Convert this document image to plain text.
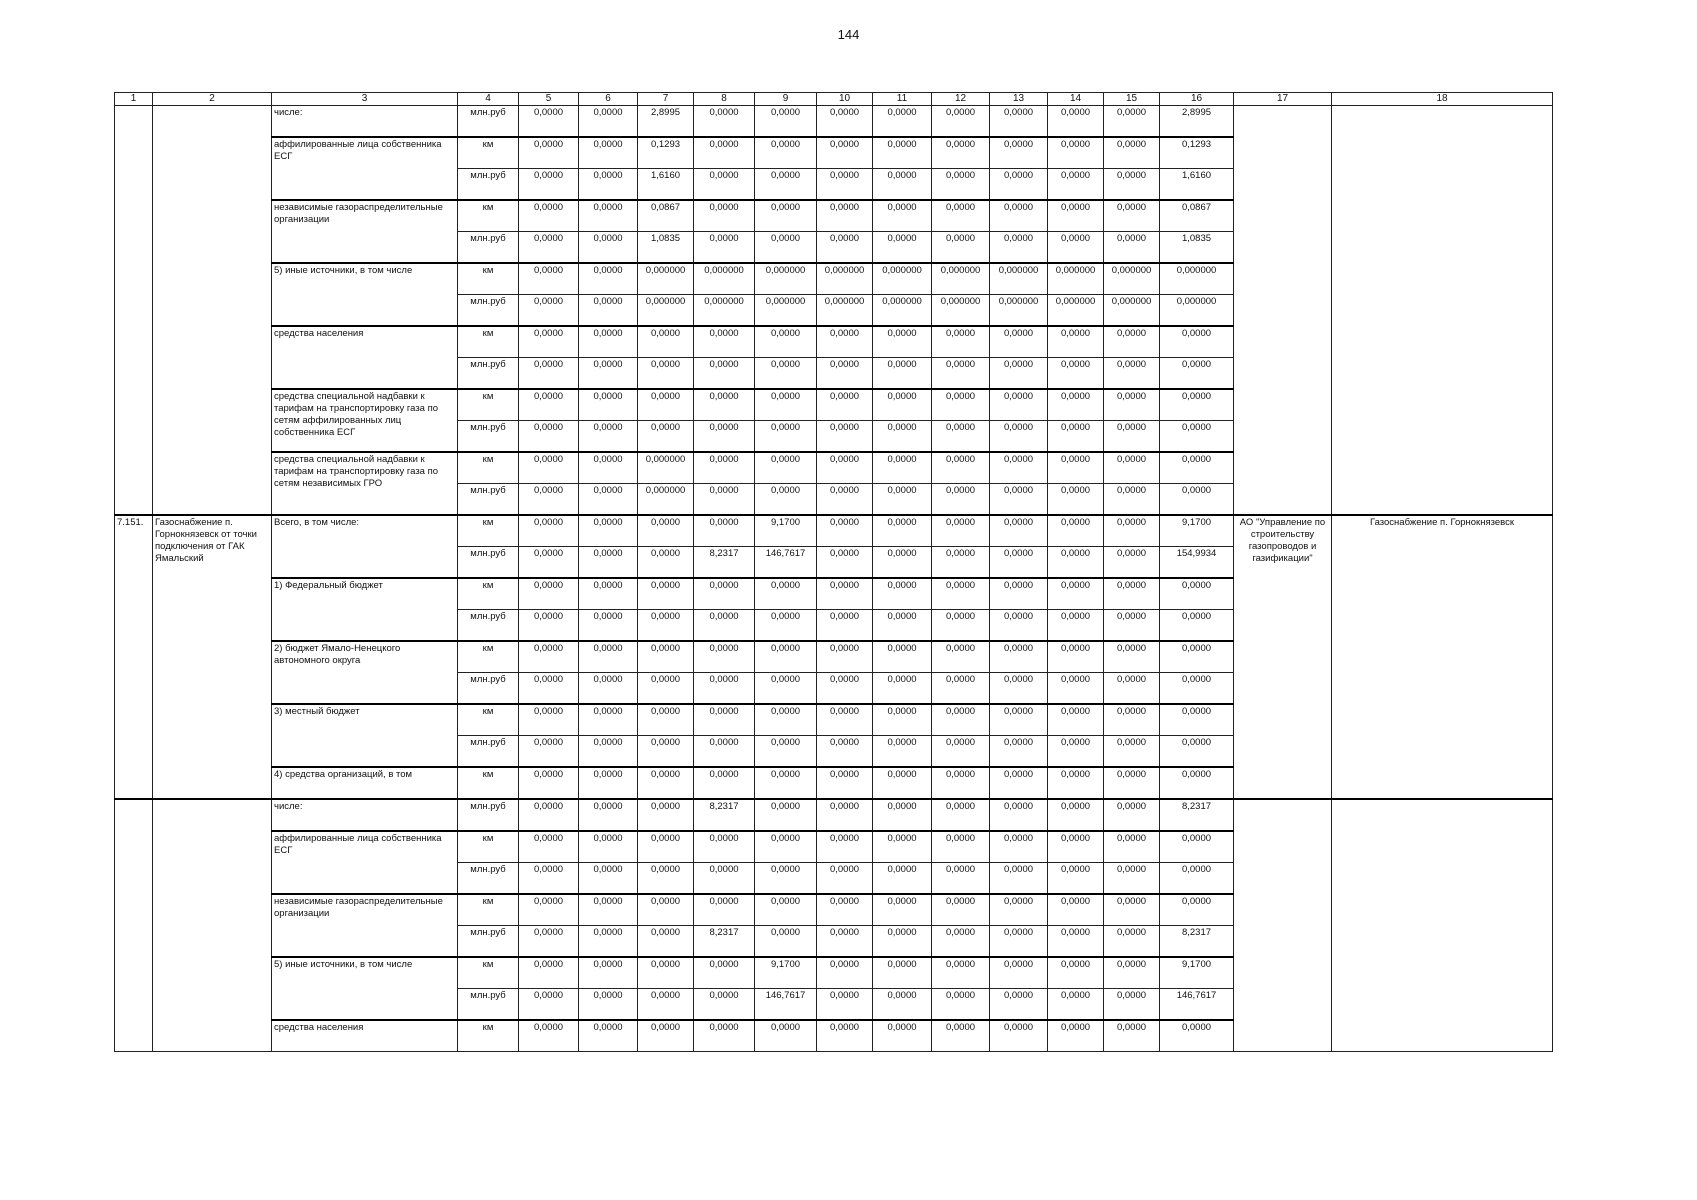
144
1	2	3	4	5	6	7	8	9	10	11	12	13	14	15	16	17	18
		числе:	млн.руб	0,0000	0,0000	2,8995	0,0000	0,0000	0,0000	0,0000	0,0000	0,0000	0,0000	0,0000	2,8995		
		аффилированные лица собственника ЕСГ	км	0,0000	0,0000	0,1293	0,0000	0,0000	0,0000	0,0000	0,0000	0,0000	0,0000	0,0000	0,1293		
			млн.руб	0,0000	0,0000	1,6160	0,0000	0,0000	0,0000	0,0000	0,0000	0,0000	0,0000	0,0000	1,6160		
		независимые газораспределительные организации	км	0,0000	0,0000	0,0867	0,0000	0,0000	0,0000	0,0000	0,0000	0,0000	0,0000	0,0000	0,0867		
			млн.руб	0,0000	0,0000	1,0835	0,0000	0,0000	0,0000	0,0000	0,0000	0,0000	0,0000	0,0000	1,0835		
		5) иные источники, в том числе	км	0,0000	0,0000	0,000000	0,000000	0,000000	0,000000	0,000000	0,000000	0,000000	0,000000	0,000000	0,000000		
			млн.руб	0,0000	0,0000	0,000000	0,000000	0,000000	0,000000	0,000000	0,000000	0,000000	0,000000	0,000000	0,000000		
		средства населения	км	0,0000	0,0000	0,0000	0,0000	0,0000	0,0000	0,0000	0,0000	0,0000	0,0000	0,0000	0,0000		
			млн.руб	0,0000	0,0000	0,0000	0,0000	0,0000	0,0000	0,0000	0,0000	0,0000	0,0000	0,0000	0,0000		
		средства специальной надбавки к тарифам на транспортировку газа по сетям аффилированных лиц собственника ЕСГ	км	0,0000	0,0000	0,0000	0,0000	0,0000	0,0000	0,0000	0,0000	0,0000	0,0000	0,0000	0,0000		
			млн.руб	0,0000	0,0000	0,0000	0,0000	0,0000	0,0000	0,0000	0,0000	0,0000	0,0000	0,0000	0,0000		
		средства специальной надбавки к тарифам на транспортировку газа по сетям независимых ГРО	км	0,0000	0,0000	0,000000	0,0000	0,0000	0,0000	0,0000	0,0000	0,0000	0,0000	0,0000	0,0000		
			млн.руб	0,0000	0,0000	0,000000	0,0000	0,0000	0,0000	0,0000	0,0000	0,0000	0,0000	0,0000	0,0000		
7.151.	Газоснабжение п. Горнокнязевск от точки подключения от ГАК Ямальский	Всего, в том числе:	км	0,0000	0,0000	0,0000	0,0000	9,1700	0,0000	0,0000	0,0000	0,0000	0,0000	0,0000	9,1700	АО "Управление по строительству газопроводов и газификации"	Газоснабжение п. Горнокнязевск
			млн.руб	0,0000	0,0000	0,0000	8,2317	146,7617	0,0000	0,0000	0,0000	0,0000	0,0000	0,0000	154,9934		
		1) Федеральный бюджет	км	0,0000	0,0000	0,0000	0,0000	0,0000	0,0000	0,0000	0,0000	0,0000	0,0000	0,0000	0,0000		
			млн.руб	0,0000	0,0000	0,0000	0,0000	0,0000	0,0000	0,0000	0,0000	0,0000	0,0000	0,0000	0,0000		
		2) бюджет Ямало-Ненецкого автономного округа	км	0,0000	0,0000	0,0000	0,0000	0,0000	0,0000	0,0000	0,0000	0,0000	0,0000	0,0000	0,0000		
			млн.руб	0,0000	0,0000	0,0000	0,0000	0,0000	0,0000	0,0000	0,0000	0,0000	0,0000	0,0000	0,0000		
		3) местный бюджет	км	0,0000	0,0000	0,0000	0,0000	0,0000	0,0000	0,0000	0,0000	0,0000	0,0000	0,0000	0,0000		
			млн.руб	0,0000	0,0000	0,0000	0,0000	0,0000	0,0000	0,0000	0,0000	0,0000	0,0000	0,0000	0,0000		
		4) средства организаций, в том	км	0,0000	0,0000	0,0000	0,0000	0,0000	0,0000	0,0000	0,0000	0,0000	0,0000	0,0000	0,0000		
		числе:	млн.руб	0,0000	0,0000	0,0000	8,2317	0,0000	0,0000	0,0000	0,0000	0,0000	0,0000	0,0000	8,2317		
		аффилированные лица собственника ЕСГ	км	0,0000	0,0000	0,0000	0,0000	0,0000	0,0000	0,0000	0,0000	0,0000	0,0000	0,0000	0,0000		
			млн.руб	0,0000	0,0000	0,0000	0,0000	0,0000	0,0000	0,0000	0,0000	0,0000	0,0000	0,0000	0,0000		
		независимые газораспределительные организации	км	0,0000	0,0000	0,0000	0,0000	0,0000	0,0000	0,0000	0,0000	0,0000	0,0000	0,0000	0,0000		
			млн.руб	0,0000	0,0000	0,0000	8,2317	0,0000	0,0000	0,0000	0,0000	0,0000	0,0000	0,0000	8,2317		
		5) иные источники, в том числе	км	0,0000	0,0000	0,0000	0,0000	9,1700	0,0000	0,0000	0,0000	0,0000	0,0000	0,0000	9,1700		
			млн.руб	0,0000	0,0000	0,0000	0,0000	146,7617	0,0000	0,0000	0,0000	0,0000	0,0000	0,0000	146,7617		
		средства населения	км	0,0000	0,0000	0,0000	0,0000	0,0000	0,0000	0,0000	0,0000	0,0000	0,0000	0,0000	0,0000		
